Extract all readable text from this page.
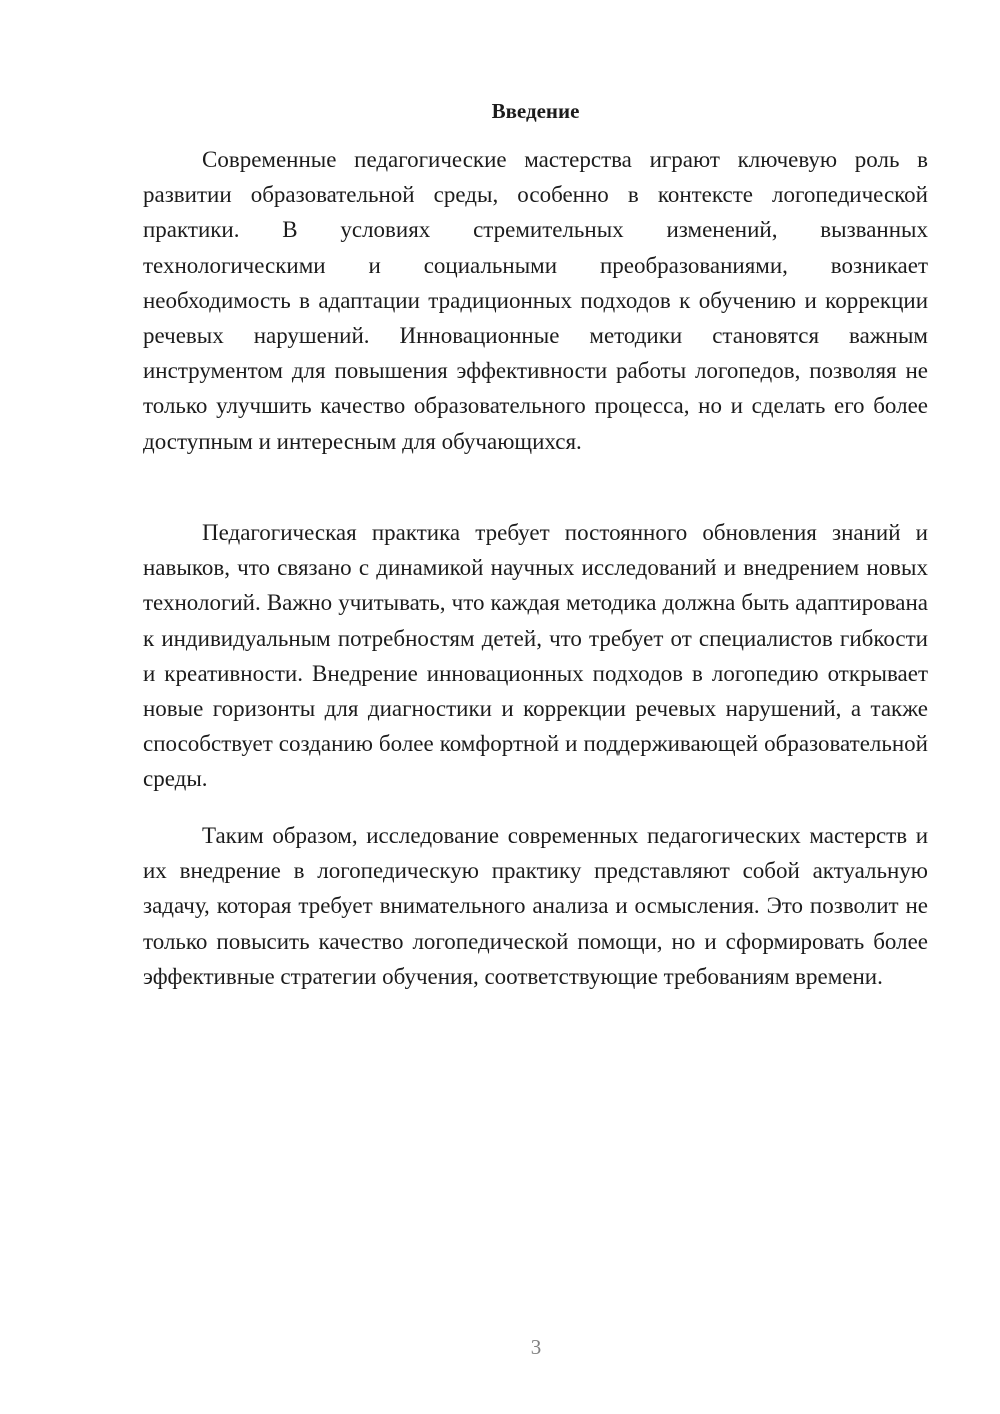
Введение

Современные педагогические мастерства играют ключевую роль в развитии образовательной среды, особенно в контексте логопедической практики. В условиях стремительных изменений, вызванных технологическими и социальными преобразованиями, возникает необходимость в адаптации традиционных подходов к обучению и коррекции речевых нарушений. Инновационные методики становятся важным инструментом для повышения эффективности работы логопедов, позволяя не только улучшить качество образовательного процесса, но и сделать его более доступным и интересным для обучающихся.

Педагогическая практика требует постоянного обновления знаний и навыков, что связано с динамикой научных исследований и внедрением новых технологий. Важно учитывать, что каждая методика должна быть адаптирована к индивидуальным потребностям детей, что требует от специалистов гибкости и креативности. Внедрение инновационных подходов в логопедию открывает новые горизонты для диагностики и коррекции речевых нарушений, а также способствует созданию более комфортной и поддерживающей образовательной среды.

Таким образом, исследование современных педагогических мастерств и их внедрение в логопедическую практику представляют собой актуальную задачу, которая требует внимательного анализа и осмысления. Это позволит не только повысить качество логопедической помощи, но и сформировать более эффективные стратегии обучения, соответствующие требованиям времени.

3
